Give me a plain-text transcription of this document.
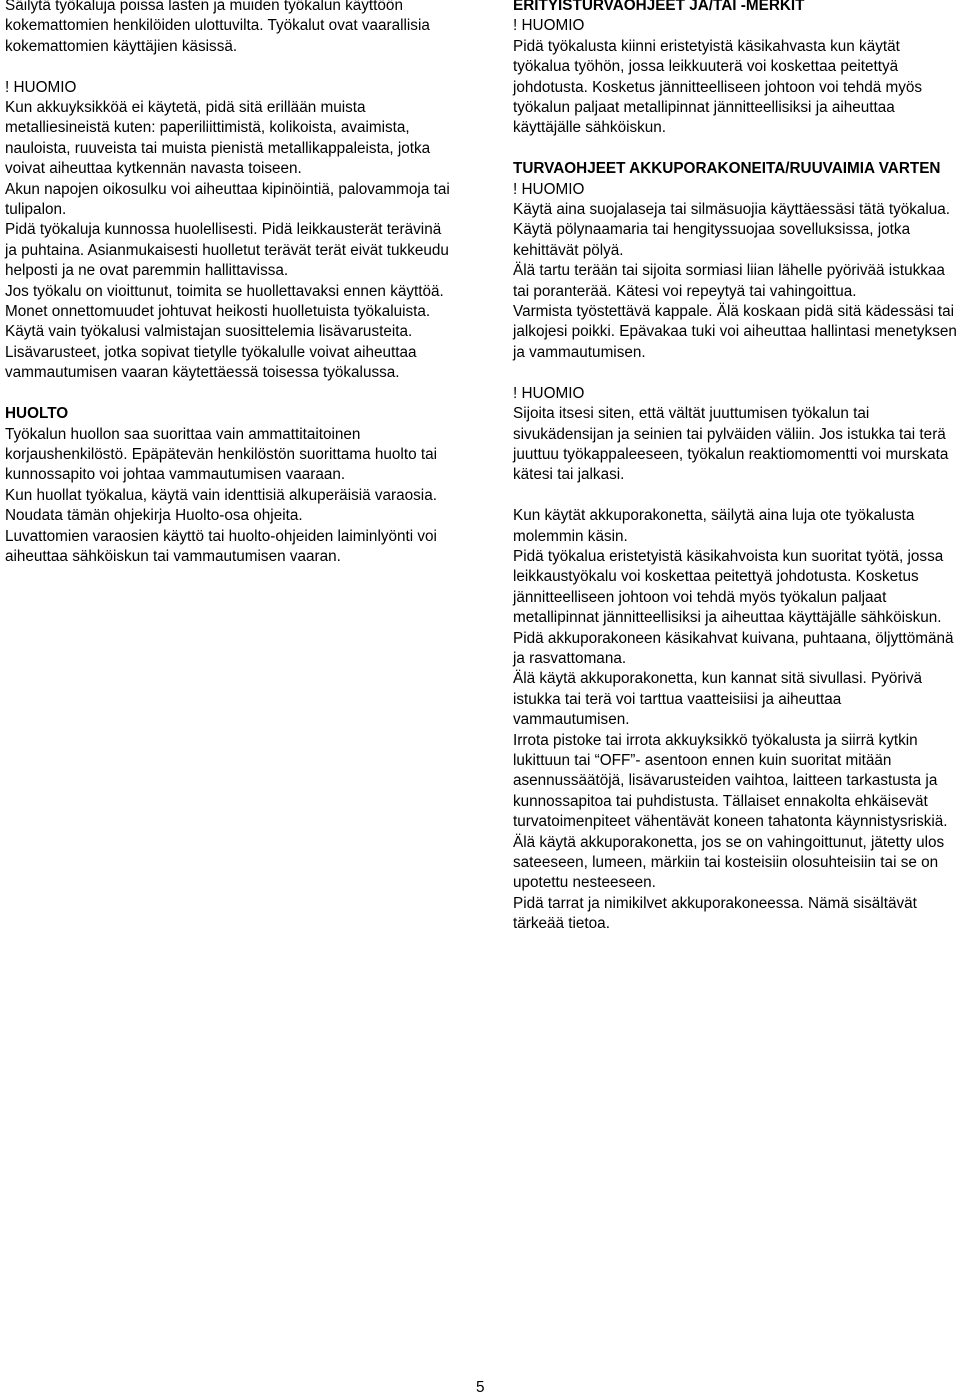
Säilytä työkaluja poissa lasten ja muiden työkalun käyttöön kokemattomien henkilöiden ulottuvilta. Työkalut ovat vaarallisia kokemattomien käyttäjien käsissä.

! HUOMIO

Kun akkuyksikköä ei käytetä, pidä sitä erillään muista metalliesineistä kuten: paperiliittimistä, kolikoista, avaimista, nauloista, ruuveista tai muista pienistä metallikappaleista, jotka voivat aiheuttaa kytkennän navasta toiseen.

Akun napojen oikosulku voi aiheuttaa kipinöintiä, palovammoja tai tulipalon.

Pidä työkaluja kunnossa huolellisesti. Pidä leikkausterät terävinä ja puhtaina. Asianmukaisesti huolletut terävät terät eivät tukkeudu helposti ja ne ovat paremmin hallittavissa.

Jos työkalu on vioittunut, toimita se huollettavaksi ennen käyttöä. Monet onnettomuudet johtuvat heikosti huolletuista työkaluista.

Käytä vain työkalusi valmistajan suosittelemia lisävarusteita. Lisävarusteet, jotka sopivat tietylle työkalulle voivat aiheuttaa vammautumisen vaaran käytettäessä toisessa työkalussa.

HUOLTO

Työkalun huollon saa suorittaa vain ammattitaitoinen korjaushenkilöstö. Epäpätevän henkilöstön suorittama huolto tai kunnossapito voi johtaa vammautumisen vaaraan.

Kun huollat työkalua, käytä vain identtisiä alkuperäisiä varaosia. Noudata tämän ohjekirja Huolto-osa ohjeita.

Luvattomien varaosien käyttö tai huolto-ohjeiden laiminlyönti voi aiheuttaa sähköiskun tai vammautumisen vaaran.

ERITYISTURVAOHJEET JA/TAI -MERKIT

! HUOMIO

Pidä työkalusta kiinni eristetyistä käsikahvasta kun käytät työkalua työhön, jossa leikkuuterä voi koskettaa peitettyä johdotusta. Kosketus jännitteelliseen johtoon voi tehdä myös työkalun paljaat metallipinnat jännitteellisiksi ja aiheuttaa käyttäjälle sähköiskun.

TURVAOHJEET AKKUPORAKONEITA/RUUVAIMIA VARTEN

! HUOMIO

Käytä aina suojalaseja tai silmäsuojia käyttäessäsi tätä työkalua. Käytä pölynaamaria tai hengityssuojaa sovelluksissa, jotka kehittävät pölyä.

Älä tartu terään tai sijoita sormiasi liian lähelle pyörivää istukkaa tai poranterää. Kätesi voi repeytyä tai vahingoittua.

Varmista työstettävä kappale. Älä koskaan pidä sitä kädessäsi tai jalkojesi poikki. Epävakaa tuki voi aiheuttaa hallintasi menetyksen ja vammautumisen.

! HUOMIO

Sijoita itsesi siten, että vältät juuttumisen työkalun tai sivukädensijan ja seinien tai pylväiden väliin. Jos istukka tai terä juuttuu työkappaleeseen, työkalun reaktiomomentti voi murskata kätesi tai jalkasi.

Kun käytät akkuporakonetta, säilytä aina luja ote työkalusta molemmin käsin.

Pidä työkalua eristetyistä käsikahvoista kun suoritat työtä, jossa leikkaustyökalu voi koskettaa peitettyä johdotusta. Kosketus jännitteelliseen johtoon voi tehdä myös työkalun paljaat metallipinnat jännitteellisiksi ja aiheuttaa käyttäjälle sähköiskun.

Pidä akkuporakoneen käsikahvat kuivana, puhtaana, öljyttömänä ja rasvattomana.

Älä käytä akkuporakonetta, kun kannat sitä sivullasi. Pyörivä istukka tai terä voi tarttua vaatteisiisi ja aiheuttaa vammautumisen.

Irrota pistoke tai irrota akkuyksikkö työkalusta ja siirrä kytkin lukittuun tai “OFF”- asentoon ennen kuin suoritat mitään asennussäätöjä, lisävarusteiden vaihtoa, laitteen tarkastusta ja kunnossapitoa tai puhdistusta. Tällaiset ennakolta ehkäisevät turvatoimenpiteet vähentävät koneen tahatonta käynnistysriskiä.

Älä käytä akkuporakonetta, jos se on vahingoittunut, jätetty ulos sateeseen, lumeen, märkiin tai kosteisiin olosuhteisiin tai se on upotettu nesteeseen.

Pidä tarrat ja nimikilvet akkuporakoneessa. Nämä sisältävät tärkeää tietoa.

5
